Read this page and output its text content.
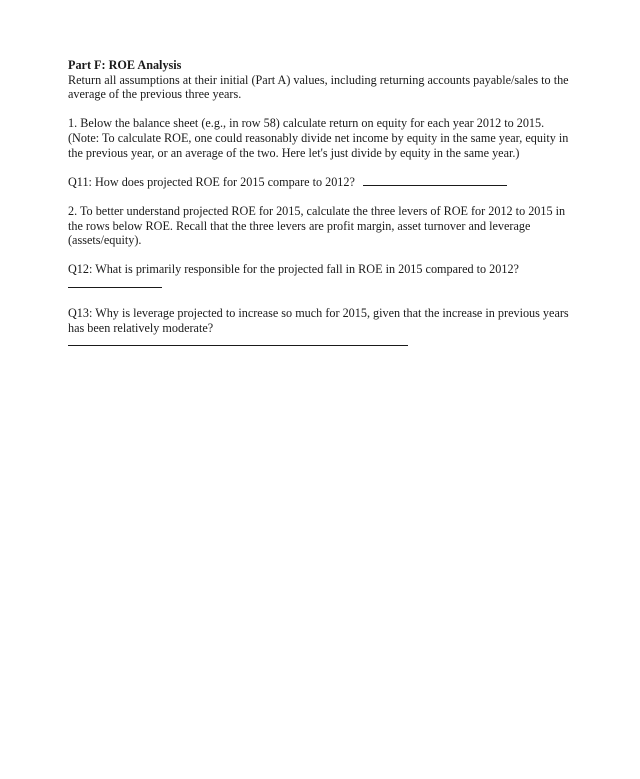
Part F: ROE Analysis

Return all assumptions at their initial (Part A) values, including returning accounts payable/sales to the average of the previous three years.

1. Below the balance sheet (e.g., in row 58) calculate return on equity for each year 2012 to 2015. (Note: To calculate ROE, one could reasonably divide net income by equity in the same year, equity in the previous year, or an average of the two. Here let's just divide by equity in the same year.)

Q11: How does projected ROE for 2015 compare to 2012?

2. To better understand projected ROE for 2015, calculate the three levers of ROE for 2012 to 2015 in the rows below ROE. Recall that the three levers are profit margin, asset turnover and leverage (assets/equity).

Q12: What is primarily responsible for the projected fall in ROE in 2015 compared to 2012?

Q13: Why is leverage projected to increase so much for 2015, given that the increase in previous years has been relatively moderate?
